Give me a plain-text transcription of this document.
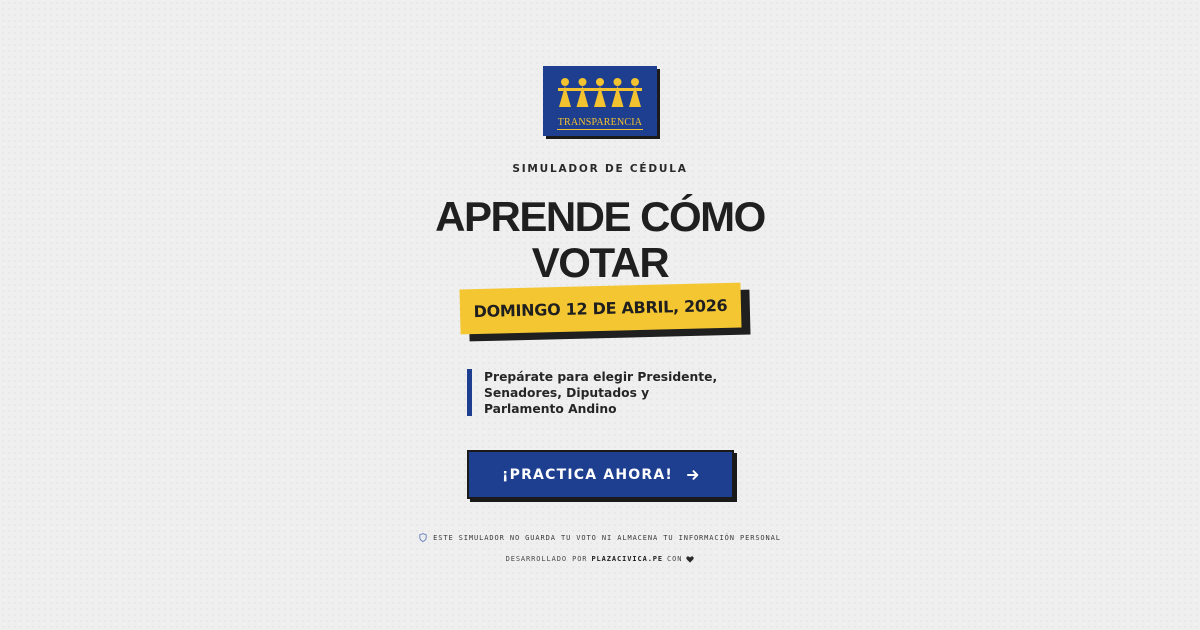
TRANSPARENCIA
SIMULADOR DE CÉDULA
APRENDE CÓMO
VOTAR
DOMINGO 12 DE ABRIL, 2026

Prepárate para elegir Presidente, Senadores, Diputados y Parlamento Andino

¡PRACTICA AHORA!
ESTE SIMULADOR NO GUARDA TU VOTO NI ALMACENA TU INFORMACIÓN PERSONAL
DESARROLLADO POR PLAZACIVICA.PE CON
